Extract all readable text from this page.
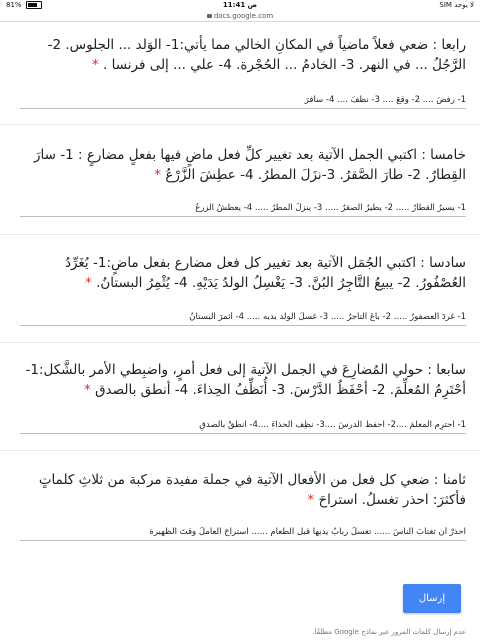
81%	11:41 ص	لا يوجد SIM
docs.google.com
رابعا : ضعي فعلاً ماضياً في المكانِ الخالي مما يأتي:1- الوَلد ... الجلوس. 2- الرَّجُلُ ... في النهر. 3- الخادمُ ... الحُجْرة. 4- علي ... إلى فرنسا . *
1- رفضَ .... 2- وقعَ .... 3- نظَفَ .... 4- سافرَ
خامسا : اكتبي الجمل الآتية بعد تغيير كلِّ فعل ماضٍ فيها بفعلٍ مضارعٍ : 1- سارَ القِطارُ. 2- طارَ الصَّقرُ. 3-نزَلَ المطرُ. 4- عطِشَ الزَّرْعُ *
1- يسيرُ القطارُ ..... 2- يطيرُ الصقرُ ..... 3- ينزلُ المطرُ ..... 4- يعطشُ الزرعُ
سادسا : اكتبي الجُمَل الآتية بعد تغيير كل فعل مضارع بفعل ماضٍ:1- يُغَرِّدُ العُصْفُورُ. 2- يبيعُ التَّاجِرُ البُنَّ. 3- يَغْسِلُ الولدُ يَدَيْهِ. 4- يُثْمِرُ البستانُ. *
1- غردَ العصفورُ ..... 2- باعَ التاجرُ ..... 3- غسلَ الولد يديه ..... 4- أثمرَ البستانُ
سابعا : حولي المُضارِعَ في الجمل الآتية إلى فعل أمرٍ، واضبِطي الأمر بالشَّكل:1- أحْتَرِمُ المُعلِّمَ. 2- أحْفَظُ الدَّرْسَ. 3- أُنَظِّفُ الحِذاءَ. 4- أنطق بالصدق *
1- احترِم المعلِّمَ ....2- احفظْ الدرسَ ....3- نظِف الحذاءَ ....4- انطقْ بالصدقِ
ثامنا : ضعي كل فعل من الأفعال الآتية في جملة مفيدة مركبة من ثلاثِ كلماتٍ فأكثرَ: احذر تغسلُ. استراحَ *
احذرْ أن تغتابَ الناسَ ...... تغسلُ ربابُ يديها قبل الطعام ...... استراحَ العاملُ وقتَ الظهيرة
إرسال
عدم إرسال كلمات المرور عبر نماذج Google مطلقًا.
